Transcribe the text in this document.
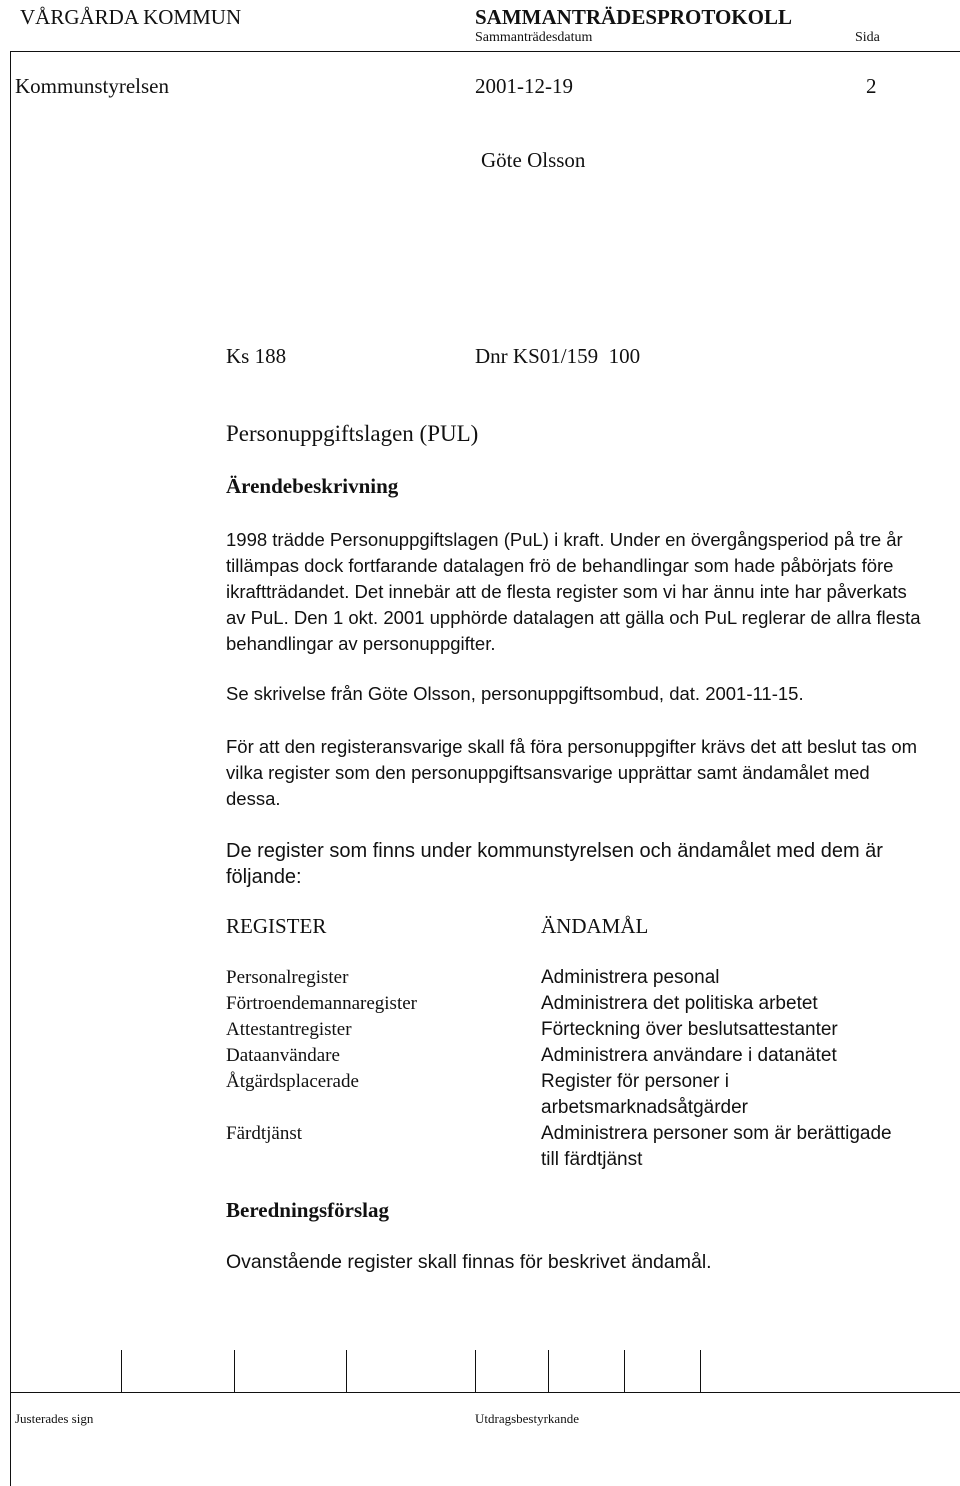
VÅRGÅRDA KOMMUN	SAMMANTRÄDESPROTOKOLL
Sammanträdesdatum	Sida
Kommunstyrelsen	2001-12-19	2
Göte Olsson
Ks 188	Dnr KS01/159  100
Personuppgiftslagen (PUL)
Ärendebeskrivning

1998 trädde Personuppgiftslagen (PuL) i kraft. Under en övergångsperiod på tre år tillämpas dock fortfarande datalagen frö de behandlingar som hade påbörjats före ikraftträdandet. Det innebär att de flesta register som vi har ännu inte har påverkats av PuL. Den 1 okt. 2001 upphörde datalagen att gälla och PuL reglerar de allra flesta behandlingar av personuppgifter.

Se skrivelse från Göte Olsson, personuppgiftsombud, dat. 2001-11-15.

För att den registeransvarige skall få föra personuppgifter krävs det att beslut tas om vilka register som den personuppgiftsansvarige upprättar samt ändamålet med dessa.

De register som finns under kommunstyrelsen och ändamålet med dem är följande:

REGISTER	ÄNDAMÅL
Personalregister	Administrera pesonal
Förtroendemannaregister	Administrera det politiska arbetet
Attestantregister	Förteckning över beslutsattestanter
Dataanvändare	Administrera användare i datanätet
Åtgärdsplacerade	Register för personer i
arbetsmarknadsåtgärder
Färdtjänst	Administrera personer som är berättigade
till färdtjänst
Beredningsförslag
Ovanstående register skall finnas för beskrivet ändamål.
Justerades sign	Utdragsbestyrkande
